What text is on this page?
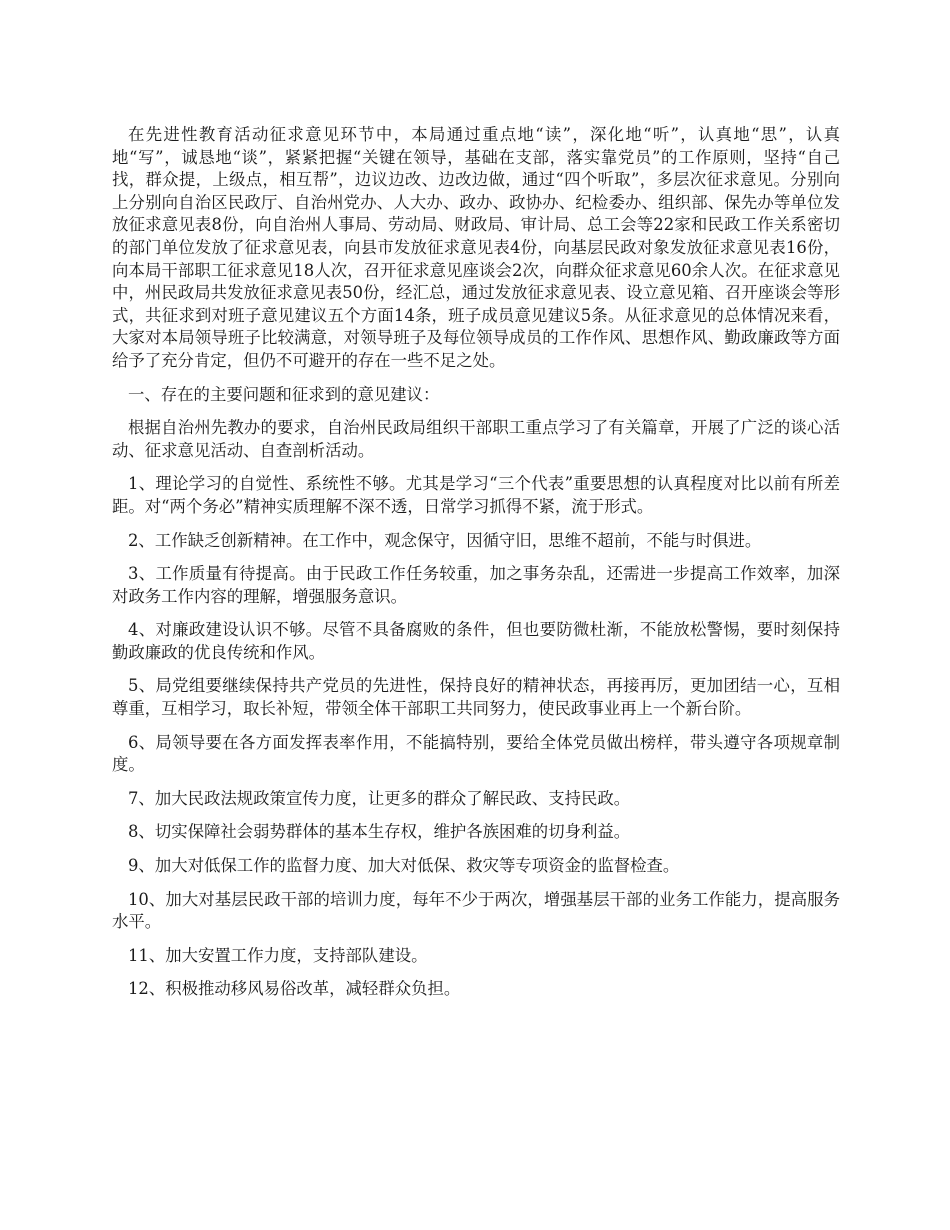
在先进性教育活动征求意见环节中，本局通过重点地“读”，深化地“听”，认真地“思”，认真地“写”，诚恳地“谈”，紧紧把握“关键在领导，基础在支部，落实靠党员”的工作原则，坚持“自己找，群众提，上级点，相互帮”，边议边改、边改边做，通过“四个听取”，多层次征求意见。分别向上分别向自治区民政厅、自治州党办、人大办、政办、政协办、纪检委办、组织部、保先办等单位发放征求意见表8份，向自治州人事局、劳动局、财政局、审计局、总工会等22家和民政工作关系密切的部门单位发放了征求意见表，向县市发放征求意见表4份，向基层民政对象发放征求意见表16份，向本局干部职工征求意见18人次，召开征求意见座谈会2次，向群众征求意见60余人次。在征求意见中，州民政局共发放征求意见表50份，经汇总，通过发放征求意见表、设立意见箱、召开座谈会等形式，共征求到对班子意见建议五个方面14条，班子成员意见建议5条。从征求意见的总体情况来看，大家对本局领导班子比较满意，对领导班子及每位领导成员的工作作风、思想作风、勤政廉政等方面给予了充分肯定，但仍不可避开的存在一些不足之处。

一、存在的主要问题和征求到的意见建议：

根据自治州先教办的要求，自治州民政局组织干部职工重点学习了有关篇章，开展了广泛的谈心活动、征求意见活动、自查剖析活动。

1、理论学习的自觉性、系统性不够。尤其是学习“三个代表”重要思想的认真程度对比以前有所差距。对“两个务必”精神实质理解不深不透，日常学习抓得不紧，流于形式。

2、工作缺乏创新精神。在工作中，观念保守，因循守旧，思维不超前，不能与时俱进。

3、工作质量有待提高。由于民政工作任务较重，加之事务杂乱，还需进一步提高工作效率，加深对政务工作内容的理解，增强服务意识。

4、对廉政建设认识不够。尽管不具备腐败的条件，但也要防微杜渐，不能放松警惕，要时刻保持勤政廉政的优良传统和作风。

5、局党组要继续保持共产党员的先进性，保持良好的精神状态，再接再厉，更加团结一心，互相尊重，互相学习，取长补短，带领全体干部职工共同努力，使民政事业再上一个新台阶。

6、局领导要在各方面发挥表率作用，不能搞特别，要给全体党员做出榜样，带头遵守各项规章制度。

7、加大民政法规政策宣传力度，让更多的群众了解民政、支持民政。

8、切实保障社会弱势群体的基本生存权，维护各族困难的切身利益。

9、加大对低保工作的监督力度、加大对低保、救灾等专项资金的监督检查。

10、加大对基层民政干部的培训力度，每年不少于两次，增强基层干部的业务工作能力，提高服务水平。

11、加大安置工作力度，支持部队建设。

12、积极推动移风易俗改革，减轻群众负担。
